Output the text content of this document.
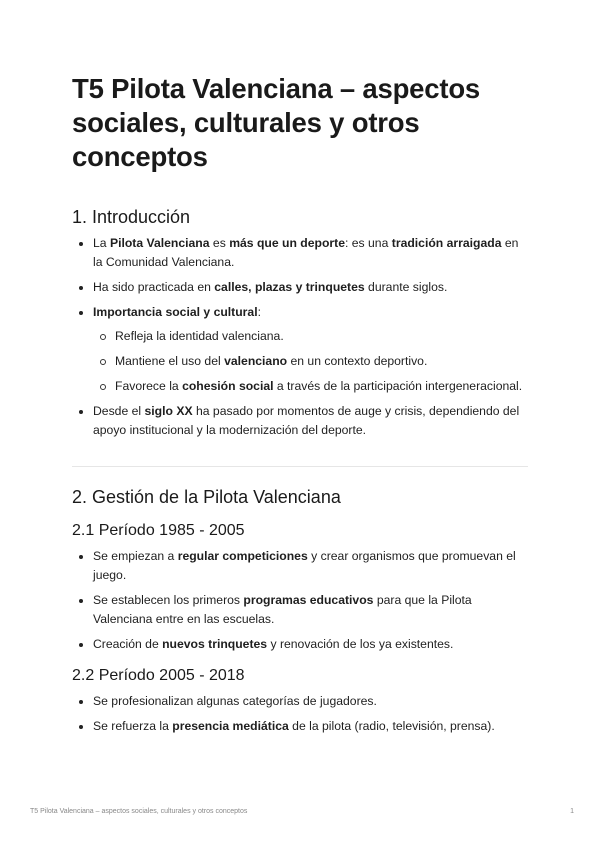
T5 Pilota Valenciana – aspectos sociales, culturales y otros conceptos
1. Introducción
La Pilota Valenciana es más que un deporte: es una tradición arraigada en la Comunidad Valenciana.
Ha sido practicada en calles, plazas y trinquetes durante siglos.
Importancia social y cultural:
Refleja la identidad valenciana.
Mantiene el uso del valenciano en un contexto deportivo.
Favorece la cohesión social a través de la participación intergeneracional.
Desde el siglo XX ha pasado por momentos de auge y crisis, dependiendo del apoyo institucional y la modernización del deporte.
2. Gestión de la Pilota Valenciana
2.1 Período 1985 - 2005
Se empiezan a regular competiciones y crear organismos que promuevan el juego.
Se establecen los primeros programas educativos para que la Pilota Valenciana entre en las escuelas.
Creación de nuevos trinquetes y renovación de los ya existentes.
2.2 Período 2005 - 2018
Se profesionalizan algunas categorías de jugadores.
Se refuerza la presencia mediática de la pilota (radio, televisión, prensa).
T5 Pilota Valenciana – aspectos sociales, culturales y otros conceptos	1
